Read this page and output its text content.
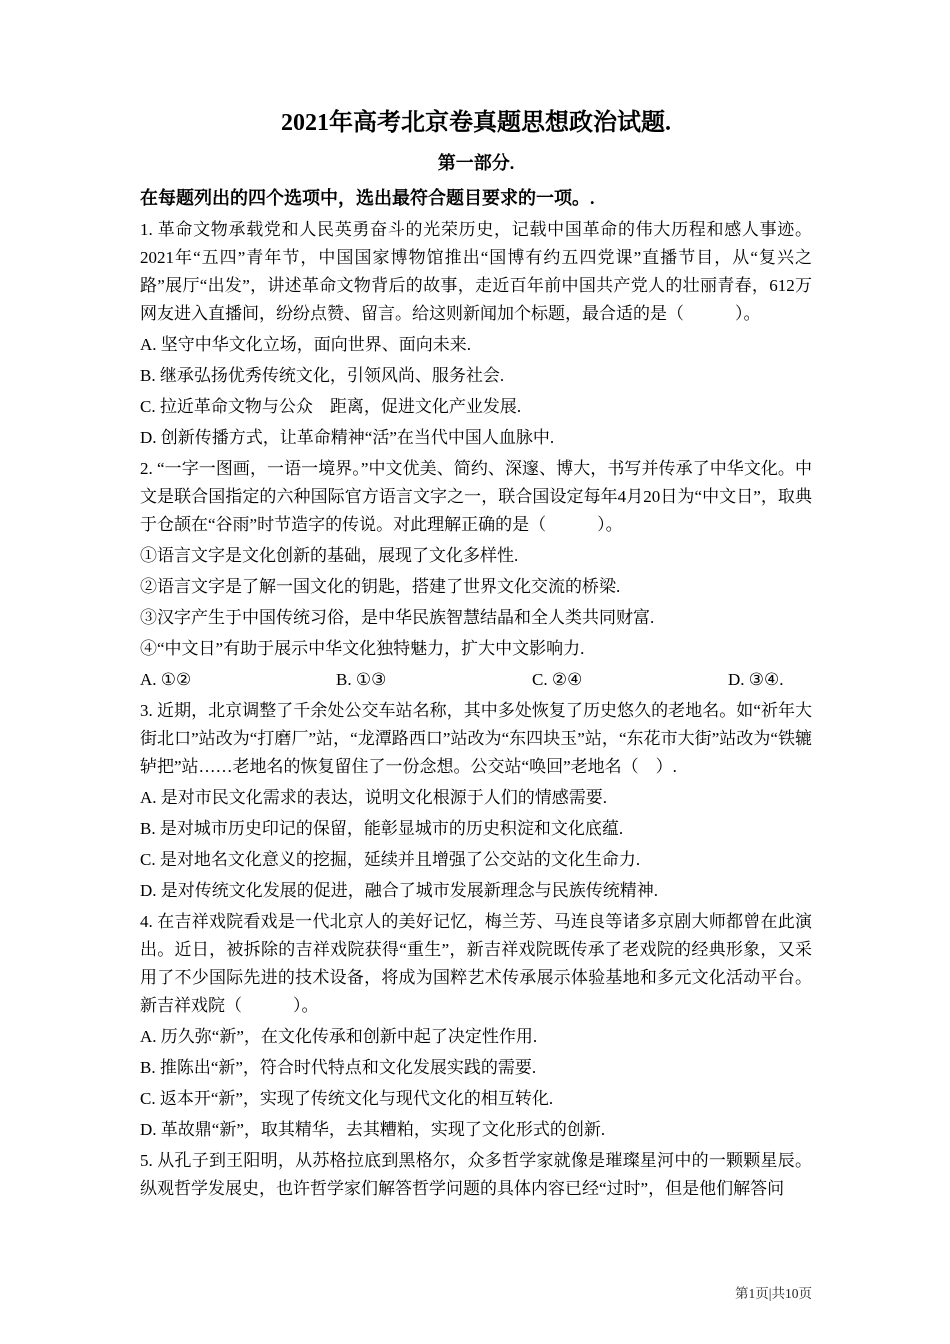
2021年高考北京卷真题思想政治试题.
第一部分.

在每题列出的四个选项中，选出最符合题目要求的一项。.

1. 革命文物承载党和人民英勇奋斗的光荣历史，记载中国革命的伟大历程和感人事迹。2021年“五四”青年节，中国国家博物馆推出“国博有约五四党课”直播节目，从“复兴之路”展厅“出发”，讲述革命文物背后的故事，走近百年前中国共产党人的壮丽青春，612万网友进入直播间，纷纷点赞、留言。给这则新闻加个标题，最合适的是（　　　）。

A. 坚守中华文化立场，面向世界、面向未来.

B. 继承弘扬优秀传统文化，引领风尚、服务社会.

C. 拉近革命文物与公众　距离，促进文化产业发展.

D. 创新传播方式，让革命精神“活”在当代中国人血脉中.

2. “一字一图画，一语一境界。”中文优美、简约、深邃、博大，书写并传承了中华文化。中文是联合国指定的六种国际官方语言文字之一，联合国设定每年4月20日为“中文日”，取典于仓颉在“谷雨”时节造字的传说。对此理解正确的是（　　　）。

①语言文字是文化创新的基础，展现了文化多样性.

②语言文字是了解一国文化的钥匙，搭建了世界文化交流的桥梁.

③汉字产生于中国传统习俗，是中华民族智慧结晶和全人类共同财富.

④“中文日”有助于展示中华文化独特魅力，扩大中文影响力.

A. ①②	B. ①③	C. ②④	D. ③④.

3. 近期，北京调整了千余处公交车站名称，其中多处恢复了历史悠久的老地名。如“祈年大街北口”站改为“打磨厂”站，“龙潭路西口”站改为“东四块玉”站，“东花市大街”站改为“铁辘轳把”站……老地名的恢复留住了一份念想。公交站“唤回”老地名（　）.

A. 是对市民文化需求的表达，说明文化根源于人们的情感需要.

B. 是对城市历史印记的保留，能彰显城市的历史积淀和文化底蕴.

C. 是对地名文化意义的挖掘，延续并且增强了公交站的文化生命力.

D. 是对传统文化发展的促进，融合了城市发展新理念与民族传统精神.

4. 在吉祥戏院看戏是一代北京人的美好记忆，梅兰芳、马连良等诸多京剧大师都曾在此演出。近日，被拆除的吉祥戏院获得“重生”，新吉祥戏院既传承了老戏院的经典形象，又采用了不少国际先进的技术设备，将成为国粹艺术传承展示体验基地和多元文化活动平台。新吉祥戏院（　　　）。

A. 历久弥“新”，在文化传承和创新中起了决定性作用.

B. 推陈出“新”，符合时代特点和文化发展实践的需要.

C. 返本开“新”，实现了传统文化与现代文化的相互转化.

D. 革故鼎“新”，取其精华，去其糟粕，实现了文化形式的创新.

5. 从孔子到王阳明，从苏格拉底到黑格尔，众多哲学家就像是璀璨星河中的一颗颗星辰。纵观哲学发展史，也许哲学家们解答哲学问题的具体内容已经“过时”，但是他们解答问

第1页|共10页
